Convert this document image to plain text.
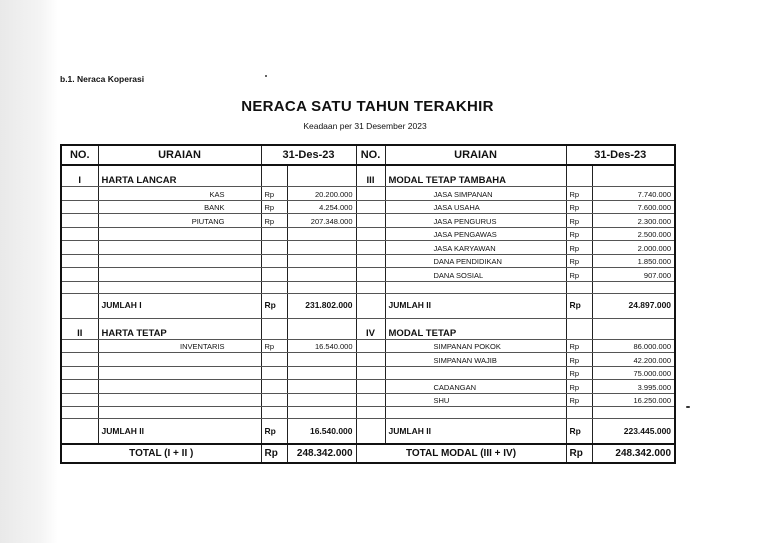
b.1. Neraca Koperasi
NERACA SATU TAHUN TERAKHIR
Keadaan per 31 Desember 2023
NO.	URAIAN	31-Des-23		NO.	URAIAN	31-Des-23	
I	HARTA LANCAR			III	MODAL TETAP TAMBAHA		
	KAS	Rp	20.200.000		JASA SIMPANAN	Rp	7.740.000
	BANK	Rp	4.254.000		JASA USAHA	Rp	7.600.000
	PIUTANG	Rp	207.348.000		JASA PENGURUS	Rp	2.300.000
					JASA PENGAWAS	Rp	2.500.000
					JASA KARYAWAN	Rp	2.000.000
					DANA PENDIDIKAN	Rp	1.850.000
					DANA SOSIAL	Rp	907.000

	JUMLAH I	Rp	231.802.000		JUMLAH II	Rp	24.897.000
II	HARTA TETAP			IV	MODAL TETAP		
	INVENTARIS	Rp	16.540.000		SIMPANAN POKOK	Rp	86.000.000
					SIMPANAN WAJIB	Rp	42.200.000
						Rp	75.000.000
					CADANGAN	Rp	3.995.000
					SHU	Rp	16.250.000

	JUMLAH II	Rp	16.540.000		JUMLAH II	Rp	223.445.000
TOTAL (I + II )		Rp	248.342.000	TOTAL MODAL (III + IV)		Rp	248.342.000
